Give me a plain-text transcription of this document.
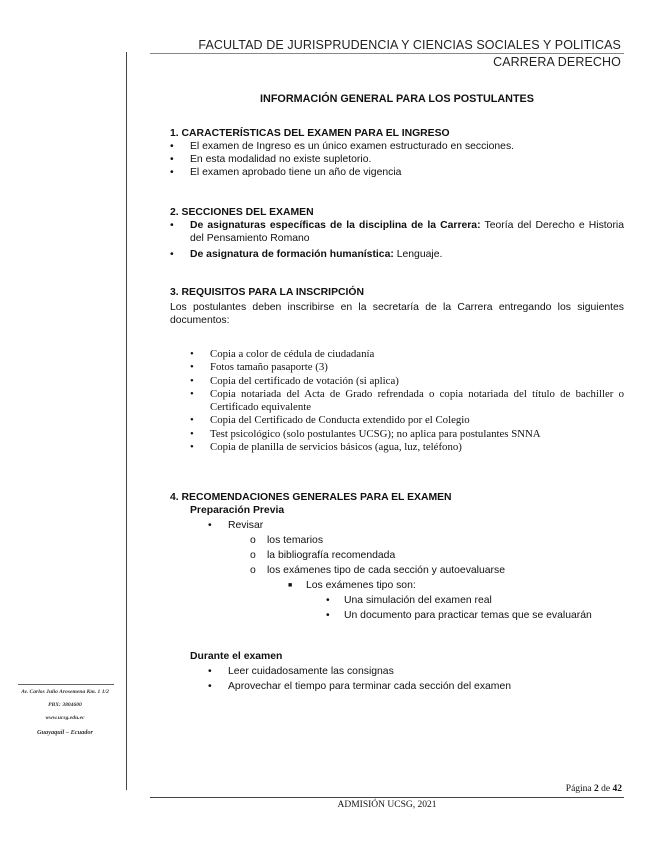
FACULTAD DE JURISPRUDENCIA Y CIENCIAS SOCIALES Y POLITICAS
CARRERA DERECHO
INFORMACIÓN GENERAL PARA LOS POSTULANTES
1. CARACTERÍSTICAS DEL EXAMEN PARA EL INGRESO
• El examen de Ingreso es un único examen estructurado en secciones.
• En esta modalidad no existe supletorio.
• El examen aprobado tiene un año de vigencia
2. SECCIONES DEL EXAMEN
• De asignaturas específicas de la disciplina de la Carrera: Teoría del Derecho e Historia del Pensamiento Romano
• De asignatura de formación humanística: Lenguaje.
3. REQUISITOS PARA LA INSCRIPCIÓN
Los postulantes deben inscribirse en la secretaría de la Carrera entregando los siguientes documentos:
• Copia a color de cédula de ciudadanía
• Fotos tamaño pasaporte (3)
• Copia del certificado de votación (si aplica)
• Copia notariada del Acta de Grado refrendada o copia notariada del título de bachiller o Certificado equivalente
• Copia del Certificado de Conducta extendido por el Colegio
• Test psicológico (solo postulantes UCSG); no aplica para postulantes SNNA
• Copia de planilla de servicios básicos (agua, luz, teléfono)
4. RECOMENDACIONES GENERALES PARA EL EXAMEN
Preparación Previa
• Revisar
o los temarios
o la bibliografía recomendada
o los exámenes tipo de cada sección y autoevaluarse
■ Los exámenes tipo son:
• Una simulación del examen real
• Un documento para practicar temas que se evaluarán
Durante el examen
• Leer cuidadosamente las consignas
• Aprovechar el tiempo para terminar cada sección del examen
Av. Carlos Julio Arosemena Km. 1 1/2
PBX: 3804600
www.ucsg.edu.ec
Guayaquil – Ecuador
Página 2 de 42
ADMISIÓN UCSG, 2021
